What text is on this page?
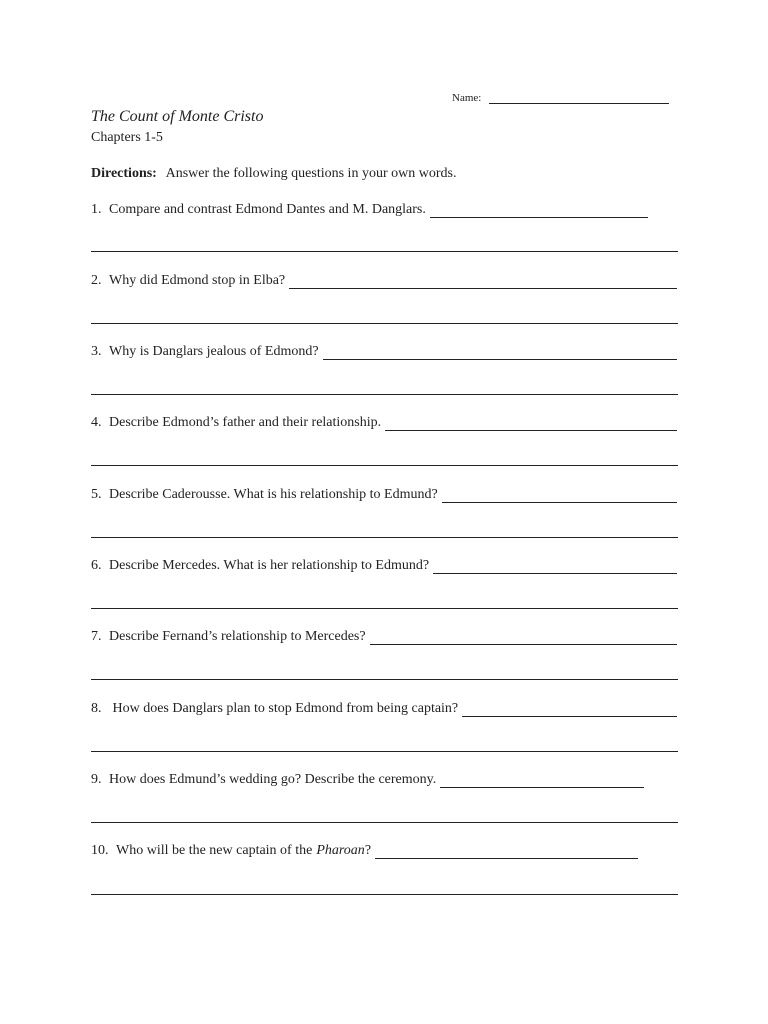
Name:
The Count of Monte Cristo
Chapters 1-5
Directions: Answer the following questions in your own words.
1. Compare and contrast Edmond Dantes and M. Danglars.
2. Why did Edmond stop in Elba?
3. Why is Danglars jealous of Edmond?
4. Describe Edmond’s father and their relationship.
5. Describe Caderousse. What is his relationship to Edmund?
6. Describe Mercedes. What is her relationship to Edmund?
7. Describe Fernand’s relationship to Mercedes?
8. How does Danglars plan to stop Edmond from being captain?
9. How does Edmund’s wedding go? Describe the ceremony.
10. Who will be the new captain of the Pharoan ?
